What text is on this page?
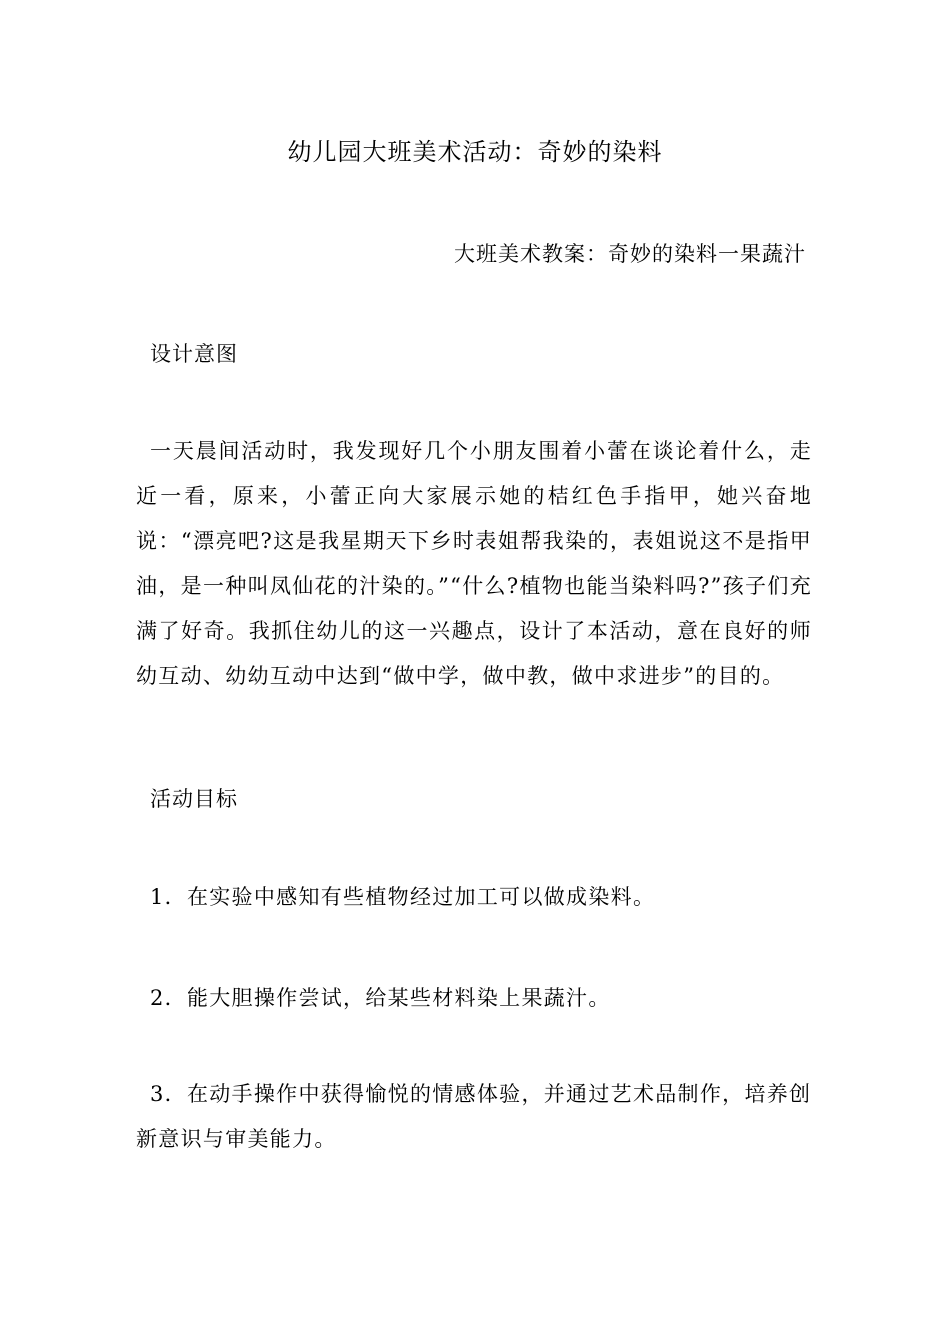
幼儿园大班美术活动：奇妙的染料
大班美术教案：奇妙的染料一果蔬汁
设计意图

一天晨间活动时，我发现好几个小朋友围着小蕾在谈论着什么，走近一看，原来，小蕾正向大家展示她的桔红色手指甲，她兴奋地说：“漂亮吧?这是我星期天下乡时表姐帮我染的，表姐说这不是指甲油，是一种叫凤仙花的汁染的。”“什么?植物也能当染料吗?”孩子们充满了好奇。我抓住幼儿的这一兴趣点，设计了本活动，意在良好的师幼互动、幼幼互动中达到“做中学，做中教，做中求进步”的目的。

活动目标

1．在实验中感知有些植物经过加工可以做成染料。

2．能大胆操作尝试，给某些材料染上果蔬汁。

3．在动手操作中获得愉悦的情感体验，并通过艺术品制作，培养创新意识与审美能力。
